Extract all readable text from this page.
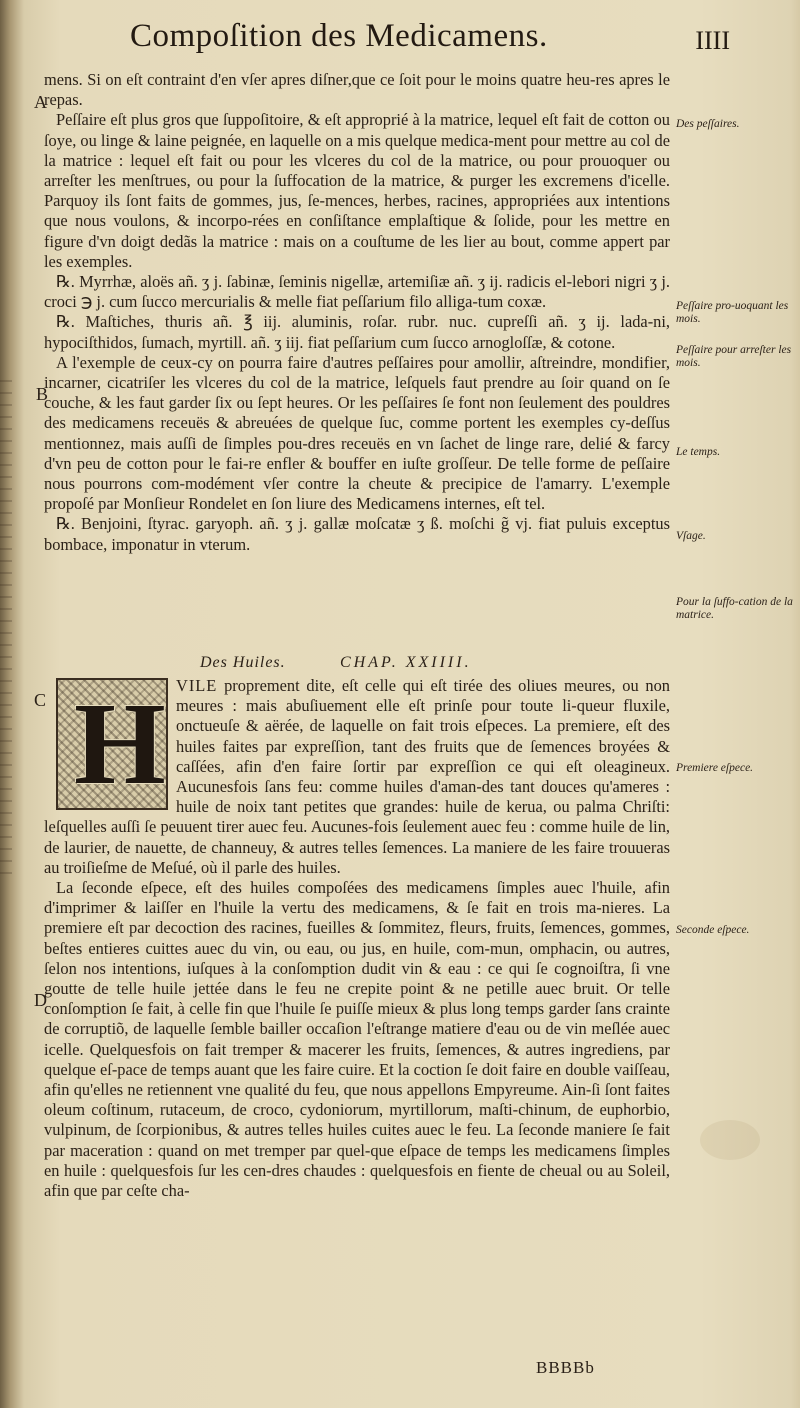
Compoſition des Medicamens.	IIII
A
B
C
D

mens. Si on eſt contraint d'en vſer apres diſner,que ce ſoit pour le moins quatre heu-res apres le repas.

Peſſaire eſt plus gros que ſuppoſitoire, & eſt approprié à la matrice, lequel eſt fait de cotton ou ſoye, ou linge & laine peignée, en laquelle on a mis quelque medica-ment pour mettre au col de la matrice : lequel eſt fait ou pour les vlceres du col de la matrice, ou pour prouoquer ou arreſter les menſtrues, ou pour la ſuffocation de la matrice, & purger les excremens d'icelle. Parquoy ils ſont faits de gommes, jus, ſe-mences, herbes, racines, appropriées aux intentions que nous voulons, & incorpo-rées en conſiſtance emplaſtique & ſolide, pour les mettre en figure d'vn doigt dedãs la matrice : mais on a couſtume de les lier au bout, comme appert par les exemples.

℞. Myrrhæ, aloës añ. ʒ j. ſabinæ, ſeminis nigellæ, artemiſiæ añ. ʒ ij. radicis el-lebori nigri ʒ j. croci ℈ j. cum ſucco mercurialis & melle fiat peſſarium filo alliga-tum coxæ.

℞. Maſtiches, thuris añ. ℥ iij. aluminis, roſar. rubr. nuc. cupreſſi añ. ʒ ij. lada-ni, hypociſthidos, ſumach, myrtill. añ. ʒ iij. fiat peſſarium cum ſucco arnogloſſæ, & cotone.

A l'exemple de ceux-cy on pourra faire d'autres peſſaires pour amollir, aſtreindre, mondifier, incarner, cicatriſer les vlceres du col de la matrice, leſquels faut prendre au ſoir quand on ſe couche, & les faut garder ſix ou ſept heures. Or les peſſaires ſe font non ſeulement des pouldres des medicamens receuës & abreuées de quelque ſuc, comme portent les exemples cy-deſſus mentionnez, mais auſſi de ſimples pou-dres receuës en vn ſachet de linge rare, delié & farcy d'vn peu de cotton pour le fai-re enfler & bouffer en iuſte groſſeur. De telle forme de peſſaire nous pourrons com-modément vſer contre la cheute & precipice de l'amarry. L'exemple propoſé par Monſieur Rondelet en ſon liure des Medicamens internes, eſt tel.

℞. Benjoini, ſtyrac. garyoph. añ. ʒ j. gallæ moſcatæ ʒ ß. moſchi g̃ vj. fiat puluis exceptus bombace, imponatur in vterum.

Des Huiles.	CHAP. XXIIII.
H VILE proprement dite, eſt celle qui eſt tirée des oliues meures, ou non meures : mais abuſiuement elle eſt prinſe pour toute li-queur fluxile, onctueuſe & aërée, de laquelle on fait trois eſpeces. La premiere, eſt des huiles faites par expreſſion, tant des fruits que de ſemences broyées & caſſées, afin d'en faire ſortir par expreſſion ce qui eſt oleagineux. Aucunesfois ſans feu: comme huiles d'aman-des tant douces qu'ameres : huile de noix tant petites que grandes: huile de kerua, ou palma Chriſti: leſquelles auſſi ſe peuuent tirer auec feu. Aucunes-fois ſeulement auec feu : comme huile de lin, de laurier, de nauette, de channeuy, & autres telles ſemences. La maniere de les faire trouueras au troiſieſme de Meſué, où il parle des huiles.

La ſeconde eſpece, eſt des huiles compoſées des medicamens ſimples auec l'huile, afin d'imprimer & laiſſer en l'huile la vertu des medicamens, & ſe fait en trois ma-nieres. La premiere eſt par decoction des racines, fueilles & ſommitez, fleurs, fruits, ſemences, gommes, beſtes entieres cuittes auec du vin, ou eau, ou jus, en huile, com-mun, omphacin, ou autres, ſelon nos intentions, iuſques à la conſomption dudit vin & eau : ce qui ſe cognoiſtra, ſi vne goutte de telle huile jettée dans le feu ne crepite point & ne petille auec bruit. Or telle conſomption ſe fait, à celle fin que l'huile ſe puiſſe mieux & plus long temps garder ſans crainte de corruptiõ, de laquelle ſemble bailler occaſion l'eſtrange matiere d'eau ou de vin meſlée auec icelle. Quelquesfois on fait tremper & macerer les fruits, ſemences, & autres ingrediens, par quelque eſ-pace de temps auant que les faire cuire. Et la coction ſe doit faire en double vaiſſeau, afin qu'elles ne retiennent vne qualité du feu, que nous appellons Empyreume. Ain-ſi ſont faites oleum coſtinum, rutaceum, de croco, cydoniorum, myrtillorum, maſti-chinum, de euphorbio, vulpinum, de ſcorpionibus, & autres telles huiles cuites auec le feu. La ſeconde maniere ſe fait par maceration : quand on met tremper par quel-que eſpace de temps les medicamens ſimples en huile : quelquesfois ſur les cen-dres chaudes : quelquesfois en fiente de cheual ou au Soleil, afin que par ceſte cha-

Des peſſaires.
Peſſaire pro-uoquant les mois.
Peſſaire pour arreſter les mois.
Le temps.
Vſage.
Pour la ſuffo-cation de la matrice.
Premiere eſpece.
Seconde eſpece.
BBBBb
